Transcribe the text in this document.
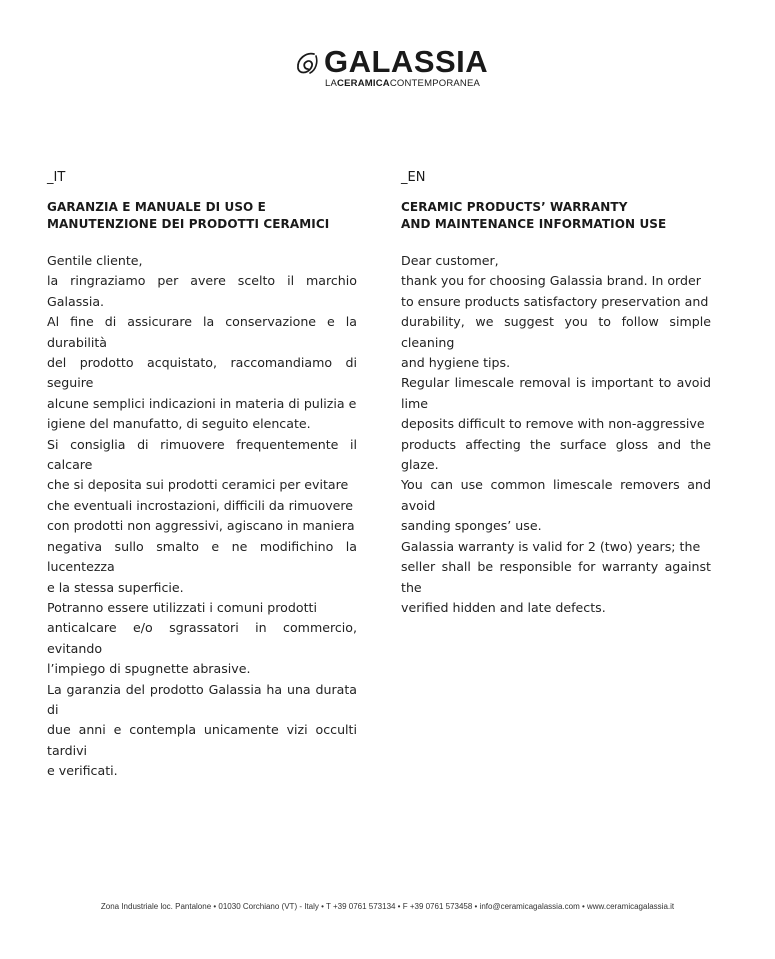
GALASSIA
LACERAMICACONTEMPORANEA
_IT
GARANZIA E MANUALE DI USO E
MANUTENZIONE DEI PRODOTTI CERAMICI

Gentile cliente,

la ringraziamo per avere scelto il marchio Galassia.

Al fine di assicurare la conservazione e la durabilità

del prodotto acquistato, raccomandiamo di seguire

alcune semplici indicazioni in materia di pulizia e

igiene del manufatto, di seguito elencate.

Si consiglia di rimuovere frequentemente il calcare

che si deposita sui prodotti ceramici per evitare

che eventuali incrostazioni, difficili da rimuovere

con prodotti non aggressivi, agiscano in maniera

negativa sullo smalto e ne modifichino la lucentezza

e la stessa superficie.

Potranno essere utilizzati i comuni prodotti

anticalcare e/o sgrassatori in commercio, evitando

l’impiego di spugnette abrasive.

La garanzia del prodotto Galassia ha una durata di

due anni e contempla unicamente vizi occulti tardivi

e verificati.

_EN
CERAMIC PRODUCTS’ WARRANTY
AND MAINTENANCE INFORMATION USE

Dear customer,

thank you for choosing Galassia brand. In order

to ensure products satisfactory preservation and

durability, we suggest you to follow simple cleaning

and hygiene tips.

Regular limescale removal is important to avoid lime

deposits difficult to remove with non-aggressive

products affecting the surface gloss and the glaze.

You can use common limescale removers and avoid

sanding sponges’ use.

Galassia warranty is valid for 2 (two) years; the

seller shall be responsible for warranty against the

verified hidden and late defects.

Zona Industriale loc. Pantalone • 01030 Corchiano (VT) - Italy • T +39 0761 573134 • F +39 0761 573458 • info@ceramicagalassia.com • www.ceramicagalassia.it
